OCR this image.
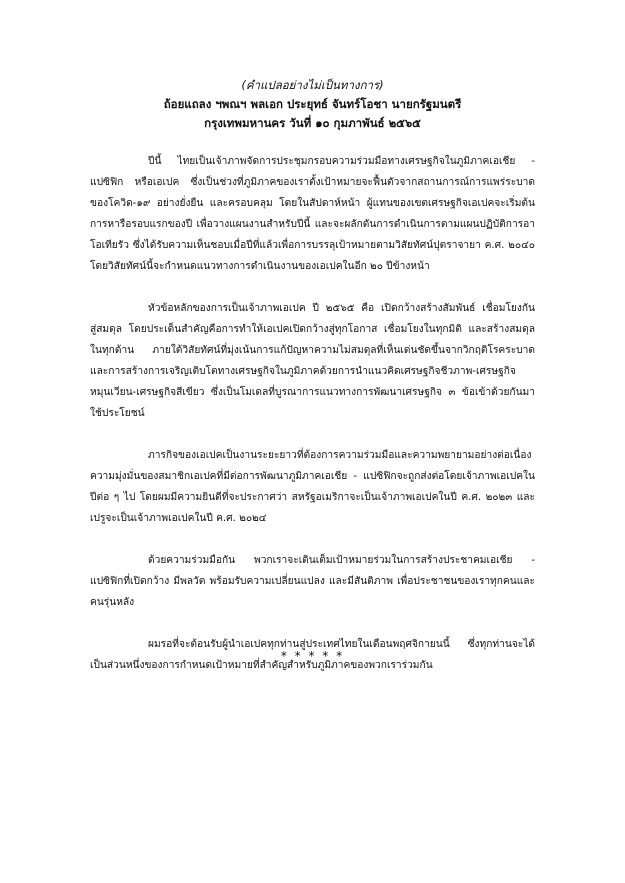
(คำแปลอย่างไม่เป็นทางการ)
ถ้อยแถลง ฯพณฯ พลเอก ประยุทธ์ จันทร์โอชา นายกรัฐมนตรี
กรุงเทพมหานคร วันที่ ๑๐ กุมภาพันธ์ ๒๕๖๕

ปีนี้ ไทยเป็นเจ้าภาพจัดการประชุมกรอบความร่วมมือทางเศรษฐกิจในภูมิภาคเอเชีย - แปซิฟิก หรือเอเปค ซึ่งเป็นช่วงที่ภูมิภาคของเราตั้งเป้าหมายจะฟื้นตัวจากสถานการณ์การแพร่ระบาดของโควิด-๑๙ อย่างยั่งยืน และครอบคลุม โดยในสัปดาห์หน้า ผู้แทนของเขตเศรษฐกิจเอเปคจะเริ่มต้นการหารือรอบแรกของปี เพื่อวางแผนงานสำหรับปีนี้ และจะผลักดันการดำเนินการตามแผนปฏิบัติการอาโอเทียรัว ซึ่งได้รับความเห็นชอบเมื่อปีที่แล้วเพื่อการบรรลุเป้าหมายตามวิสัยทัศน์ปุตราจายา ค.ศ. ๒๐๔๐ โดยวิสัยทัศน์นี้จะกำหนดแนวทางการดำเนินงานของเอเปคในอีก ๒๐ ปีข้างหน้า

หัวข้อหลักของการเป็นเจ้าภาพเอเปค ปี ๒๕๖๕ คือ เปิดกว้างสร้างสัมพันธ์ เชื่อมโยงกัน สู่สมดุล โดยประเด็นสำคัญคือการทำให้เอเปคเปิดกว้างสู่ทุกโอกาส เชื่อมโยงในทุกมิติ และสร้างสมดุลในทุกด้าน ภายใต้วิสัยทัศน์ที่มุ่งเน้นการแก้ปัญหาความไม่สมดุลที่เห็นเด่นชัดขึ้นจากวิกฤติโรคระบาด และการสร้างการเจริญเติบโตทางเศรษฐกิจในภูมิภาคด้วยการนำแนวคิดเศรษฐกิจชีวภาพ-เศรษฐกิจหมุนเวียน-เศรษฐกิจสีเขียว ซึ่งเป็นโมเดลที่บูรณาการแนวทางการพัฒนาเศรษฐกิจ ๓ ข้อเข้าด้วยกันมาใช้ประโยชน์

ภารกิจของเอเปคเป็นงานระยะยาวที่ต้องการความร่วมมือและความพยายามอย่างต่อเนื่อง ความมุ่งมั่นของสมาชิกเอเปคที่มีต่อการพัฒนาภูมิภาคเอเชีย - แปซิฟิกจะถูกส่งต่อโดยเจ้าภาพเอเปคในปีต่อ ๆ ไป โดยผมมีความยินดีที่จะประกาศว่า สหรัฐอเมริกาจะเป็นเจ้าภาพเอเปคในปี ค.ศ. ๒๐๒๓ และเปรูจะเป็นเจ้าภาพเอเปคในปี ค.ศ. ๒๐๒๔

ด้วยความร่วมมือกัน พวกเราจะเดินเต็มเป้าหมายร่วมในการสร้างประชาคมเอเชีย - แปซิฟิกที่เปิดกว้าง มีพลวัต พร้อมรับความเปลี่ยนแปลง และมีสันติภาพ เพื่อประชาชนของเราทุกคนและคนรุ่นหลัง

ผมรอที่จะต้อนรับผู้นำเอเปคทุกท่านสู่ประเทศไทยในเดือนพฤศจิกายนนี้ ซึ่งทุกท่านจะได้เป็นส่วนหนึ่งของการกำหนดเป้าหมายที่สำคัญสำหรับภูมิภาคของพวกเราร่วมกัน

* * * * *
